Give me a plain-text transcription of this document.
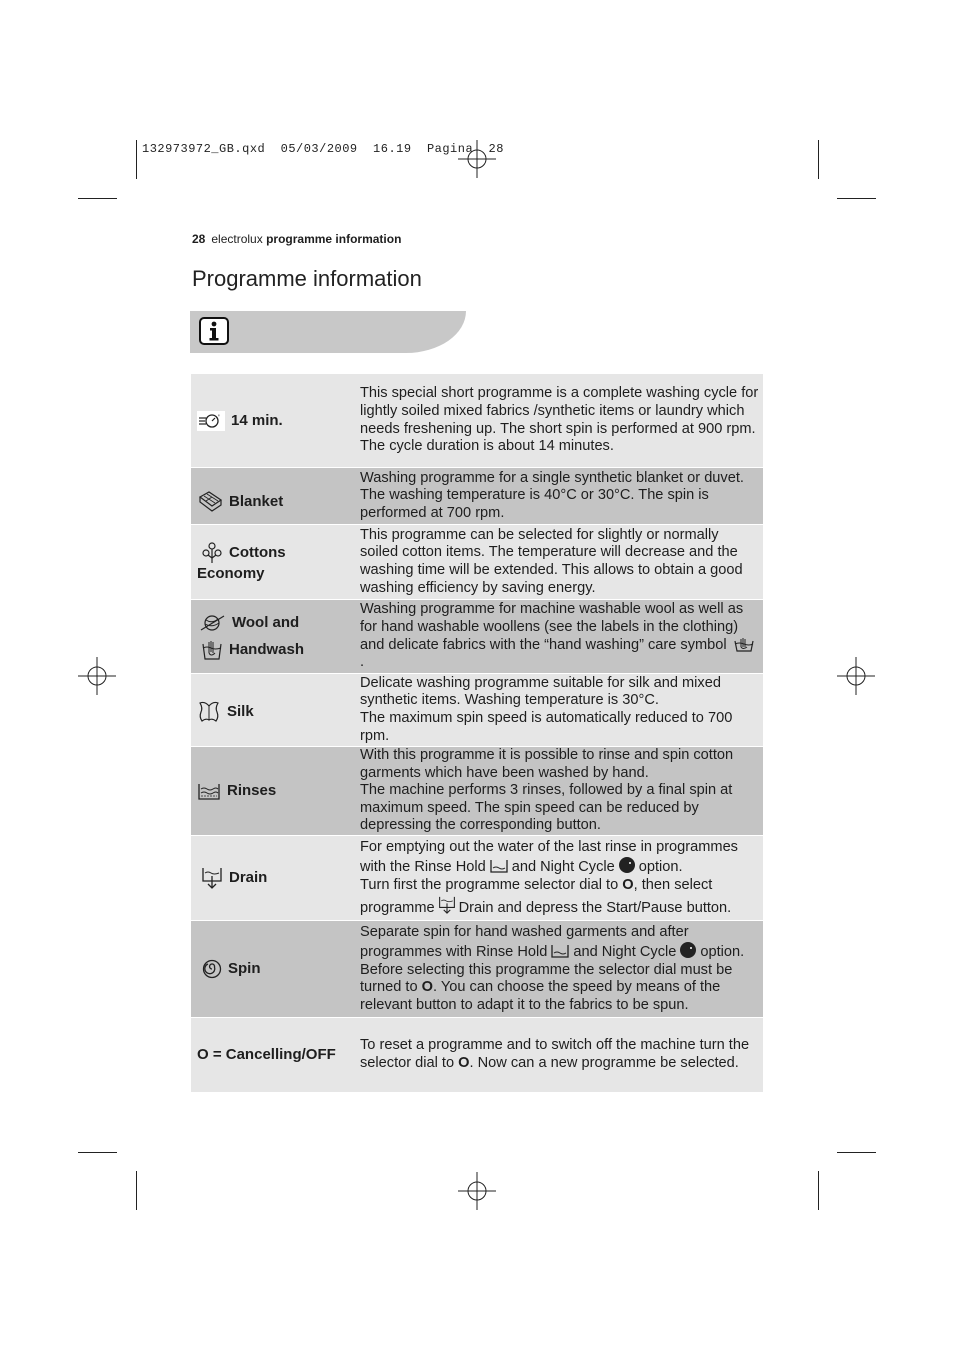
132973972_GB.qxd  05/03/2009  16.19  Pagina  28
28 electrolux programme information
Programme information
' 14 min.
This special short programme is a complete washing cycle for lightly soiled mixed fabrics /synthetic items or laundry which needs freshening up. The short spin is performed at 900 rpm. The cycle duration is about 14 minutes.
Blanket
Washing programme for a single synthetic blanket or duvet. The washing temperature is 40°C or 30°C. The spin is performed at 700 rpm.
Cottons
Economy
This programme can be selected for slightly or normally soiled cotton items. The temperature will decrease and the washing time will be extended. This allows to obtain a good washing efficiency by saving energy.
Wool and
Handwash
Washing programme for machine washable wool as well as for hand washable woollens (see the labels in the clothing) and delicate fabrics with the “hand washing” care symbol .
Silk
Delicate washing programme suitable for silk and mixed synthetic items. Washing temperature is 30°C.
The maximum spin speed is automatically reduced to 700 rpm.
Rinses
With this programme it is possible to rinse and spin cotton garments which have been washed by hand.
The machine performs 3 rinses, followed by a final spin at maximum speed. The spin speed can be reduced by depressing the corresponding button.
Drain
For emptying out the water of the last rinse in programmes with the Rinse Hold and Night Cycle option.
Turn first the programme selector dial to O, then select programme Drain and depress the Start/Pause button.
Spin
Separate spin for hand washed garments and after programmes with Rinse Hold and Night Cycle option. Before selecting this programme the selector dial must be turned to O. You can choose the speed by means of the relevant button to adapt it to the fabrics to be spun.
O = Cancelling/OFF
To reset a programme and to switch off the machine turn the selector dial to O. Now can a new programme be selected.
